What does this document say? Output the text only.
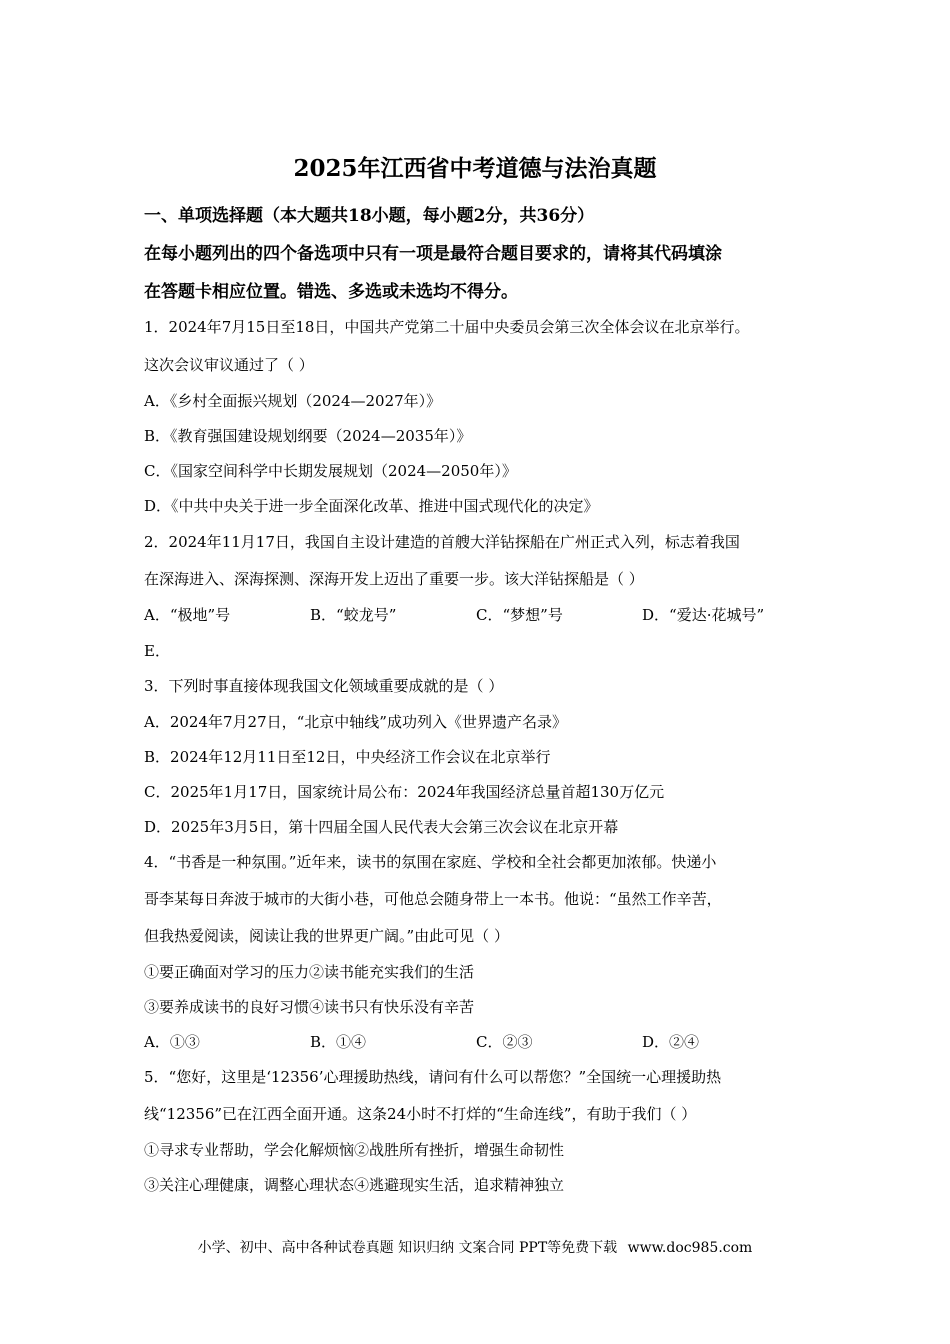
2025年江西省中考道德与法治真题
一、单项选择题（本大题共18小题，每小题2分，共36分）
在每小题列出的四个备选项中只有一项是最符合题目要求的，请将其代码填涂
在答题卡相应位置。错选、多选或未选均不得分。
1．2024年7月15日至18日，中国共产党第二十届中央委员会第三次全体会议在北京举行。
这次会议审议通过了（ ）
A．《乡村全面振兴规划（2024—2027年）》
B．《教育强国建设规划纲要（2024—2035年）》
C．《国家空间科学中长期发展规划（2024—2050年）》
D．《中共中央关于进一步全面深化改革、推进中国式现代化的决定》
2．2024年11月17日，我国自主设计建造的首艘大洋钻探船在广州正式入列，标志着我国
在深海进入、深海探测、深海开发上迈出了重要一步。该大洋钻探船是（ ）
A．“极地”号	B．“蛟龙号”	C．“梦想”号	D．“爱达·花城号”
E．
3．下列时事直接体现我国文化领域重要成就的是（ ）
A．2024年7月27日，“北京中轴线”成功列入《世界遗产名录》
B．2024年12月11日至12日，中央经济工作会议在北京举行
C．2025年1月17日，国家统计局公布：2024年我国经济总量首超130万亿元
D．2025年3月5日，第十四届全国人民代表大会第三次会议在北京开幕
4．“书香是一种氛围。”近年来，读书的氛围在家庭、学校和全社会都更加浓郁。快递小
哥李某每日奔波于城市的大街小巷，可他总会随身带上一本书。他说：“虽然工作辛苦，
但我热爱阅读，阅读让我的世界更广阔。”由此可见（ ）
①要正确面对学习的压力②读书能充实我们的生活
③要养成读书的良好习惯④读书只有快乐没有辛苦
A．①③	B．①④	C．②③	D．②④
5．“您好，这里是‘12356’心理援助热线，请问有什么可以帮您？”全国统一心理援助热
线“12356”已在江西全面开通。这条24小时不打烊的“生命连线”，有助于我们（ ）
①寻求专业帮助，学会化解烦恼②战胜所有挫折，增强生命韧性
③关注心理健康，调整心理状态④逃避现实生活，追求精神独立
小学、初中、高中各种试卷真题 知识归纳 文案合同 PPT等免费下载 www.doc985.com
